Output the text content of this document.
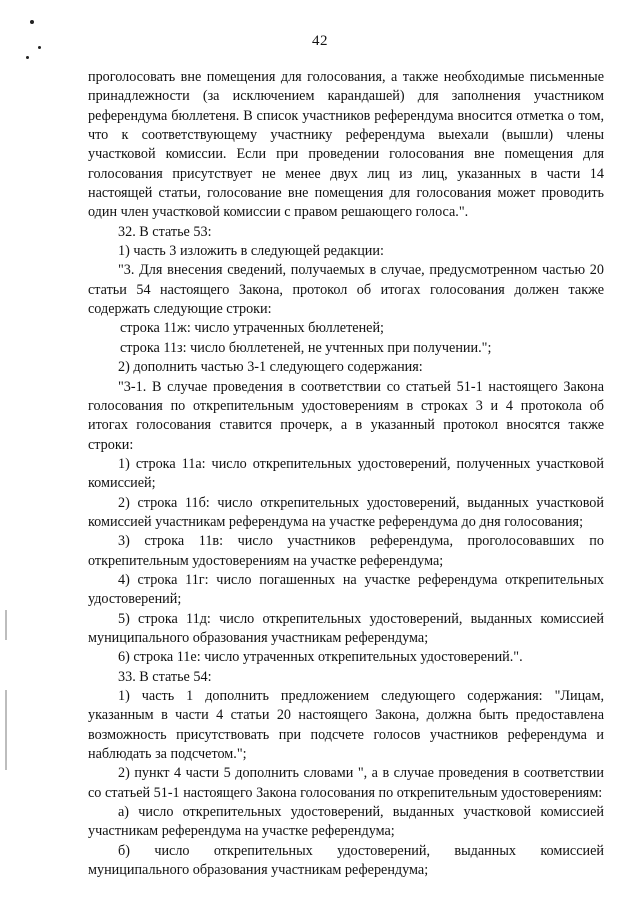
42

проголосовать вне помещения для голосования, а также необходимые письменные принадлежности (за исключением карандашей) для заполнения участником референдума бюллетеня. В список участников референдума вносится отметка о том, что к соответствующему участнику референдума выехали (вышли) члены участковой комиссии. Если при проведении голосования вне помещения для голосования присутствует не менее двух лиц из лиц, указанных в части 14 настоящей статьи, голосование вне помещения для голосования может проводить один член участковой комиссии с правом решающего голоса.".

32. В статье 53:

1) часть 3 изложить в следующей редакции:

"3. Для внесения сведений, получаемых в случае, предусмотренном частью 20 статьи 54 настоящего Закона, протокол об итогах голосования должен также содержать следующие строки:

строка 11ж: число утраченных бюллетеней;

строка 11з: число бюллетеней, не учтенных при получении.";

2) дополнить частью 3-1 следующего содержания:

"3-1. В случае проведения в соответствии со статьей 51-1 настоящего Закона голосования по открепительным удостоверениям в строках 3 и 4 протокола об итогах голосования ставится прочерк, а в указанный протокол вносятся также строки:

1) строка 11а: число открепительных удостоверений, полученных участковой комиссией;

2) строка 11б: число открепительных удостоверений, выданных участковой комиссией участникам референдума на участке референдума до дня голосования;

3) строка 11в: число участников референдума, проголосовавших по открепительным удостоверениям на участке референдума;

4) строка 11г: число погашенных на участке референдума открепительных удостоверений;

5) строка 11д: число открепительных удостоверений, выданных комиссией муниципального образования участникам референдума;

6) строка 11е: число утраченных открепительных удостоверений.".

33. В статье 54:

1) часть 1 дополнить предложением следующего содержания: "Лицам, указанным в части 4 статьи 20 настоящего Закона, должна быть предоставлена возможность присутствовать при подсчете голосов участников референдума и наблюдать за подсчетом.";

2) пункт 4 части 5 дополнить словами ", а в случае проведения в соответствии со статьей 51-1 настоящего Закона голосования по открепительным удостоверениям:

а) число открепительных удостоверений, выданных участковой комиссией участникам референдума на участке референдума;

б) число открепительных удостоверений, выданных комиссией муниципального образования участникам референдума;
